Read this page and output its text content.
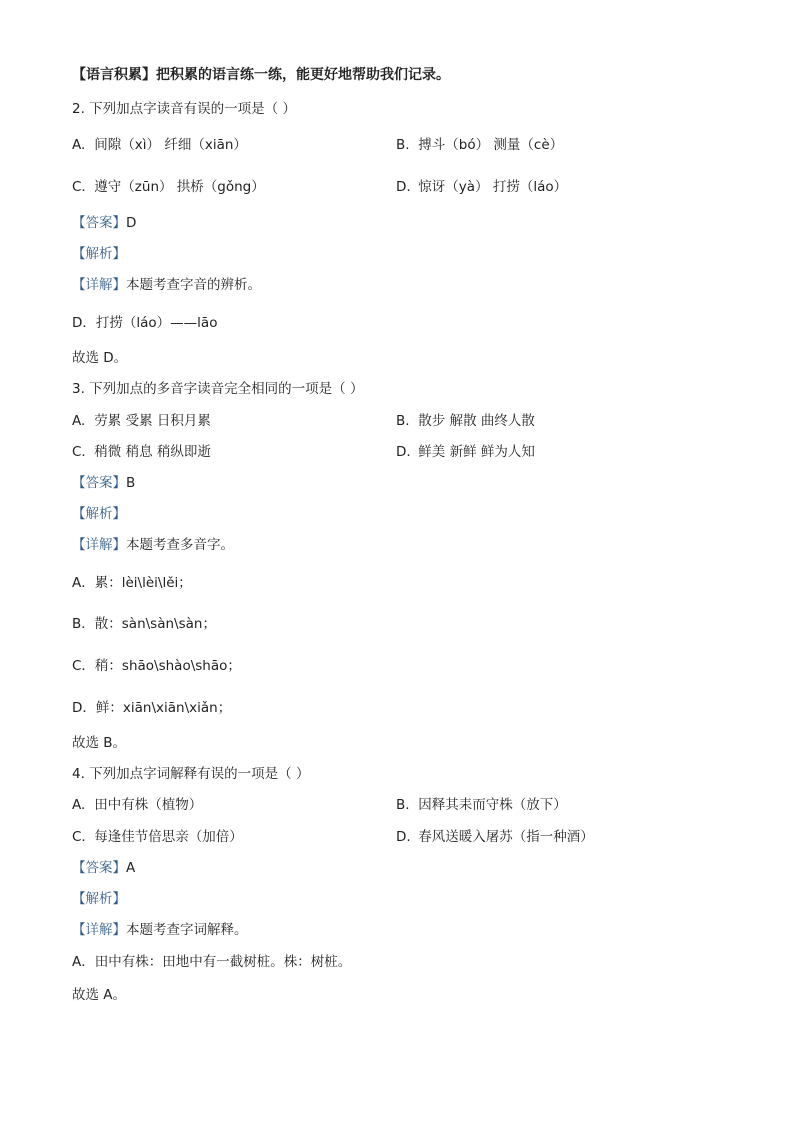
【语言积累】把积累的语言练一练，能更好地帮助我们记录。
2. 下列加点字读音有误的一项是（ ）
A. 间隙（xì） 纤细（xiān）	B. 搏斗（bó） 测量（cè）
C. 遵守（zūn） 拱桥（gǒng）	D. 惊讶（yà） 打捞（láo）
【答案】D
【解析】
【详解】本题考查字音的辨析。
D．打捞（láo）——lāo
故选 D。
3. 下列加点的多音字读音完全相同的一项是（ ）
A. 劳累 受累 日积月累	B. 散步 解散 曲终人散
C. 稍微 稍息 稍纵即逝	D. 鲜美 新鲜 鲜为人知
【答案】B
【解析】
【详解】本题考查多音字。
A．累：lèi\lèi\lěi；
B．散：sàn\sàn\sàn；
C．稍：shāo\shào\shāo；
D．鲜：xiān\xiān\xiǎn；
故选 B。
4. 下列加点字词解释有误的一项是（ ）
A. 田中有株（植物）	B. 因释其耒而守株（放下）
C. 每逢佳节倍思亲（加倍）	D. 春风送暖入屠苏（指一种酒）
【答案】A
【解析】
【详解】本题考查字词解释。
A．田中有株：田地中有一截树桩。株：树桩。
故选 A。
